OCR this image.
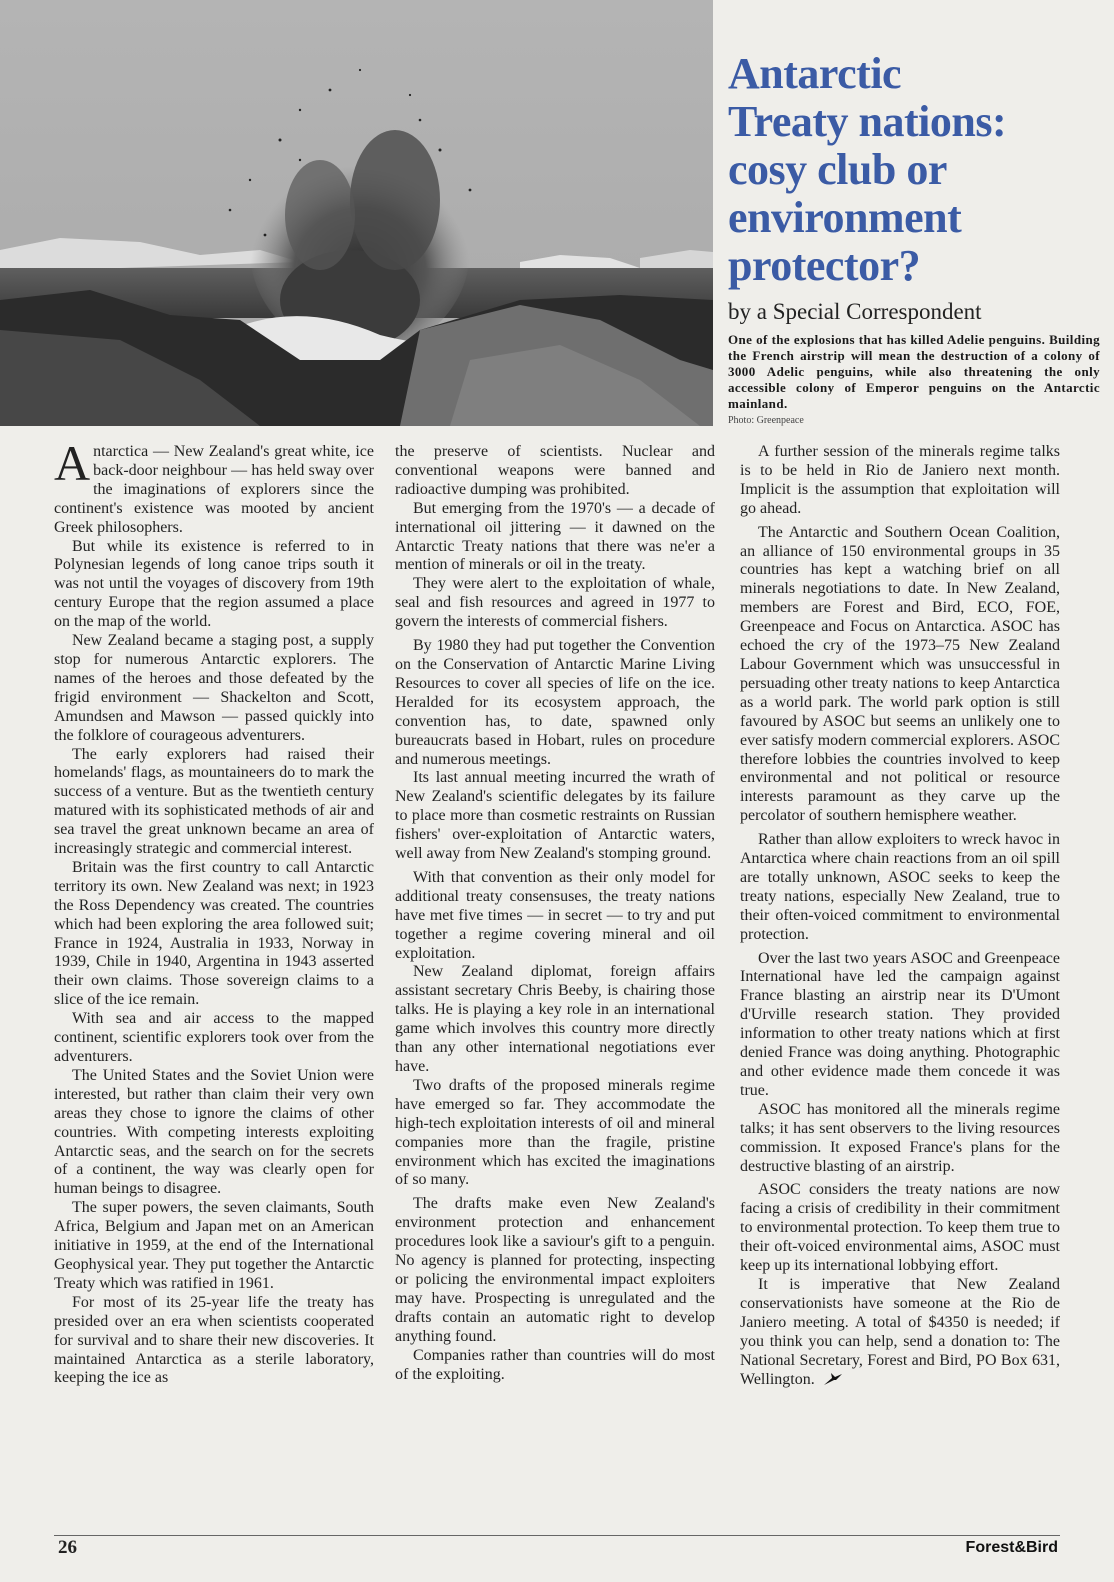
Antarctic
Treaty nations:
cosy club or
environment
protector?
by a Special Correspondent
One of the explosions that has killed Adelie penguins. Building the French airstrip will mean the destruction of a colony of 3000 Adelic penguins, while also threatening the only accessible colony of Emperor penguins on the Antarctic mainland.
Photo: Greenpeace

Antarctica — New Zealand's great white, ice back-door neighbour — has held sway over the imaginations of explorers since the continent's existence was mooted by ancient Greek philosophers.

But while its existence is referred to in Polynesian legends of long canoe trips south it was not until the voyages of discovery from 19th century Europe that the region assumed a place on the map of the world.

New Zealand became a staging post, a supply stop for numerous Antarctic explorers. The names of the heroes and those defeated by the frigid environment — Shackelton and Scott, Amundsen and Mawson — passed quickly into the folklore of courageous adventurers.

The early explorers had raised their homelands' flags, as mountaineers do to mark the success of a venture. But as the twentieth century matured with its sophisticated methods of air and sea travel the great unknown became an area of increasingly strategic and commercial interest.

Britain was the first country to call Antarctic territory its own. New Zealand was next; in 1923 the Ross Dependency was created. The countries which had been exploring the area followed suit; France in 1924, Australia in 1933, Norway in 1939, Chile in 1940, Argentina in 1943 asserted their own claims. Those sovereign claims to a slice of the ice remain.

With sea and air access to the mapped continent, scientific explorers took over from the adventurers.

The United States and the Soviet Union were interested, but rather than claim their very own areas they chose to ignore the claims of other countries. With competing interests exploiting Antarctic seas, and the search on for the secrets of a continent, the way was clearly open for human beings to disagree.

The super powers, the seven claimants, South Africa, Belgium and Japan met on an American initiative in 1959, at the end of the International Geophysical year. They put together the Antarctic Treaty which was ratified in 1961.

For most of its 25-year life the treaty has presided over an era when scientists cooperated for survival and to share their new discoveries. It maintained Antarctica as a sterile laboratory, keeping the ice as

the preserve of scientists. Nuclear and conventional weapons were banned and radioactive dumping was prohibited.

But emerging from the 1970's — a decade of international oil jittering — it dawned on the Antarctic Treaty nations that there was ne'er a mention of minerals or oil in the treaty.

They were alert to the exploitation of whale, seal and fish resources and agreed in 1977 to govern the interests of commercial fishers.

By 1980 they had put together the Convention on the Conservation of Antarctic Marine Living Resources to cover all species of life on the ice. Heralded for its ecosystem approach, the convention has, to date, spawned only bureaucrats based in Hobart, rules on procedure and numerous meetings.

Its last annual meeting incurred the wrath of New Zealand's scientific delegates by its failure to place more than cosmetic restraints on Russian fishers' over-exploitation of Antarctic waters, well away from New Zealand's stomping ground.

With that convention as their only model for additional treaty consensuses, the treaty nations have met five times — in secret — to try and put together a regime covering mineral and oil exploitation.

New Zealand diplomat, foreign affairs assistant secretary Chris Beeby, is chairing those talks. He is playing a key role in an international game which involves this country more directly than any other international negotiations ever have.

Two drafts of the proposed minerals regime have emerged so far. They accommodate the high-tech exploitation interests of oil and mineral companies more than the fragile, pristine environment which has excited the imaginations of so many.

The drafts make even New Zealand's environment protection and enhancement procedures look like a saviour's gift to a penguin. No agency is planned for protecting, inspecting or policing the environmental impact exploiters may have. Prospecting is unregulated and the drafts contain an automatic right to develop anything found.

Companies rather than countries will do most of the exploiting.

A further session of the minerals regime talks is to be held in Rio de Janiero next month. Implicit is the assumption that exploitation will go ahead.

The Antarctic and Southern Ocean Coalition, an alliance of 150 environmental groups in 35 countries has kept a watching brief on all minerals negotiations to date. In New Zealand, members are Forest and Bird, ECO, FOE, Greenpeace and Focus on Antarctica. ASOC has echoed the cry of the 1973–75 New Zealand Labour Government which was unsuccessful in persuading other treaty nations to keep Antarctica as a world park. The world park option is still favoured by ASOC but seems an unlikely one to ever satisfy modern commercial explorers. ASOC therefore lobbies the countries involved to keep environmental and not political or resource interests paramount as they carve up the percolator of southern hemisphere weather.

Rather than allow exploiters to wreck havoc in Antarctica where chain reactions from an oil spill are totally unknown, ASOC seeks to keep the treaty nations, especially New Zealand, true to their often-voiced commitment to environmental protection.

Over the last two years ASOC and Greenpeace International have led the campaign against France blasting an airstrip near its D'Umont d'Urville research station. They provided information to other treaty nations which at first denied France was doing anything. Photographic and other evidence made them concede it was true.

ASOC has monitored all the minerals regime talks; it has sent observers to the living resources commission. It exposed France's plans for the destructive blasting of an airstrip.

ASOC considers the treaty nations are now facing a crisis of credibility in their commitment to environmental protection. To keep them true to their oft-voiced environmental aims, ASOC must keep up its international lobbying effort.

It is imperative that New Zealand conservationists have someone at the Rio de Janiero meeting. A total of $4350 is needed; if you think you can help, send a donation to: The National Secretary, Forest and Bird, PO Box 631, Wellington.

26	Forest&Bird
